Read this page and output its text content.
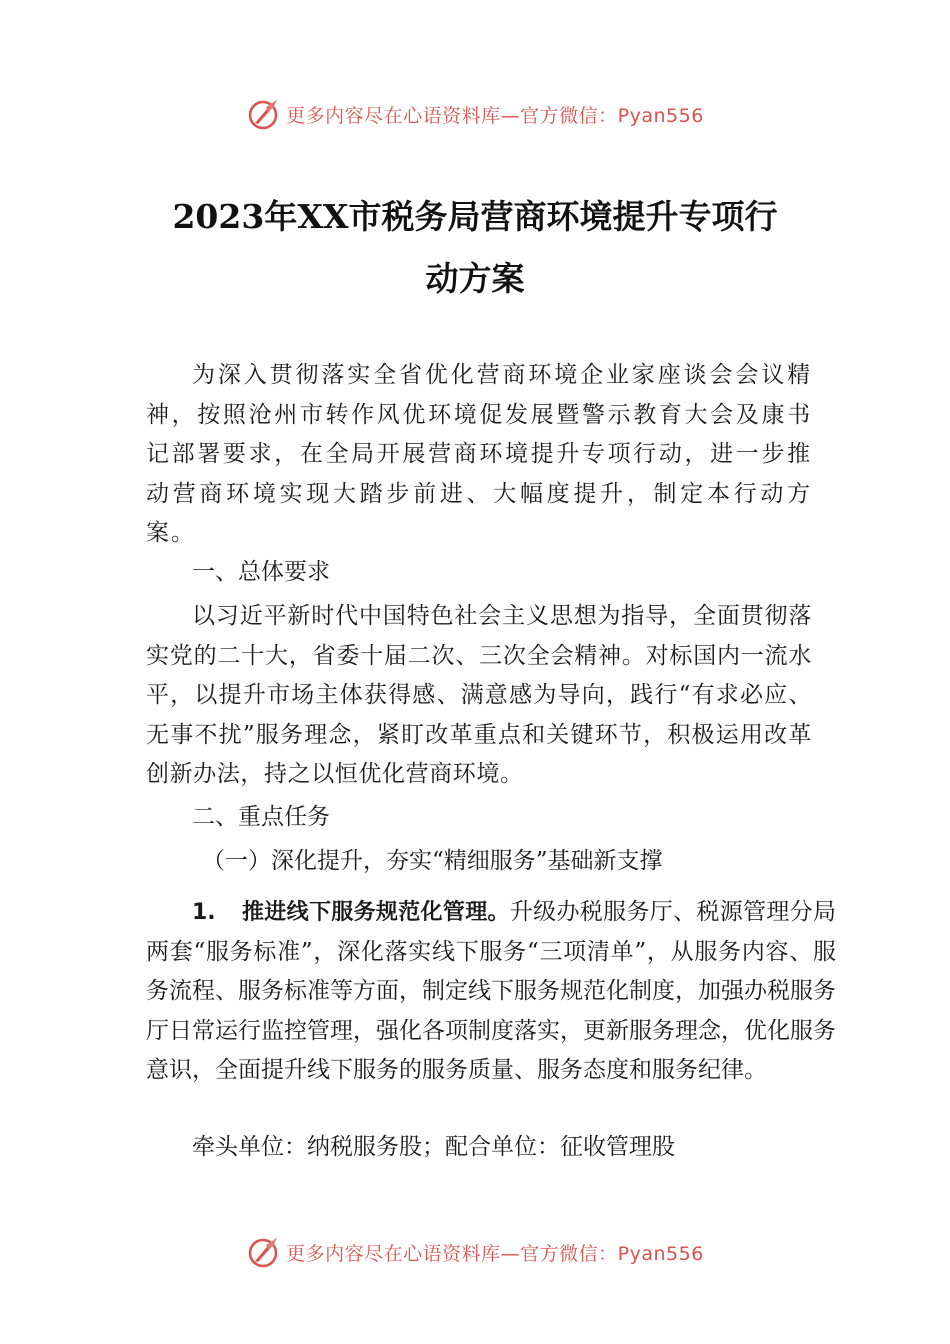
更多内容尽在心语资料库—官方微信：Pyan556
2023年XX市税务局营商环境提升专项行
动方案

为深入贯彻落实全省优化营商环境企业家座谈会会议精神，按照沧州市转作风优环境促发展暨警示教育大会及康书记部署要求，在全局开展营商环境提升专项行动，进一步推动营商环境实现大踏步前进、大幅度提升，制定本行动方案。

一、总体要求

以习近平新时代中国特色社会主义思想为指导，全面贯彻落实党的二十大，省委十届二次、三次全会精神。对标国内一流水平，以提升市场主体获得感、满意感为导向，践行“有求必应、无事不扰”服务理念，紧盯改革重点和关键环节，积极运用改革创新办法，持之以恒优化营商环境。

二、重点任务

（一）深化提升，夯实“精细服务”基础新支撑

1. 推进线下服务规范化管理。升级办税服务厅、税源管理分局两套“服务标准”，深化落实线下服务“三项清单”，从服务内容、服务流程、服务标准等方面，制定线下服务规范化制度，加强办税服务厅日常运行监控管理，强化各项制度落实，更新服务理念，优化服务意识，全面提升线下服务的服务质量、服务态度和服务纪律。

牵头单位：纳税服务股；配合单位：征收管理股

更多内容尽在心语资料库—官方微信：Pyan556
